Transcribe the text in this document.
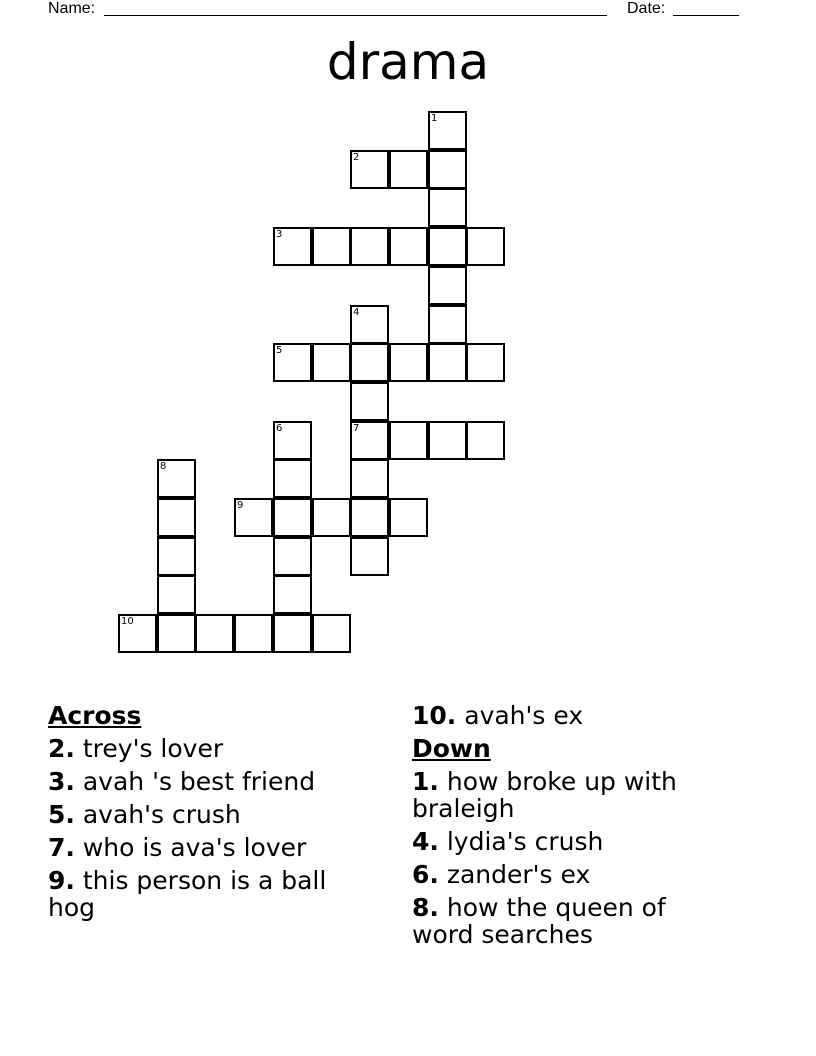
Name:	Date:
drama
1
2
3
4
5
6	7
8
9
10
Across
2. trey's lover
3. avah 's best friend
5. avah's crush
7. who is ava's lover
9. this person is a ball hog
10. avah's ex
Down
1. how broke up with braleigh
4. lydia's crush
6. zander's ex
8. how the queen of word searches
